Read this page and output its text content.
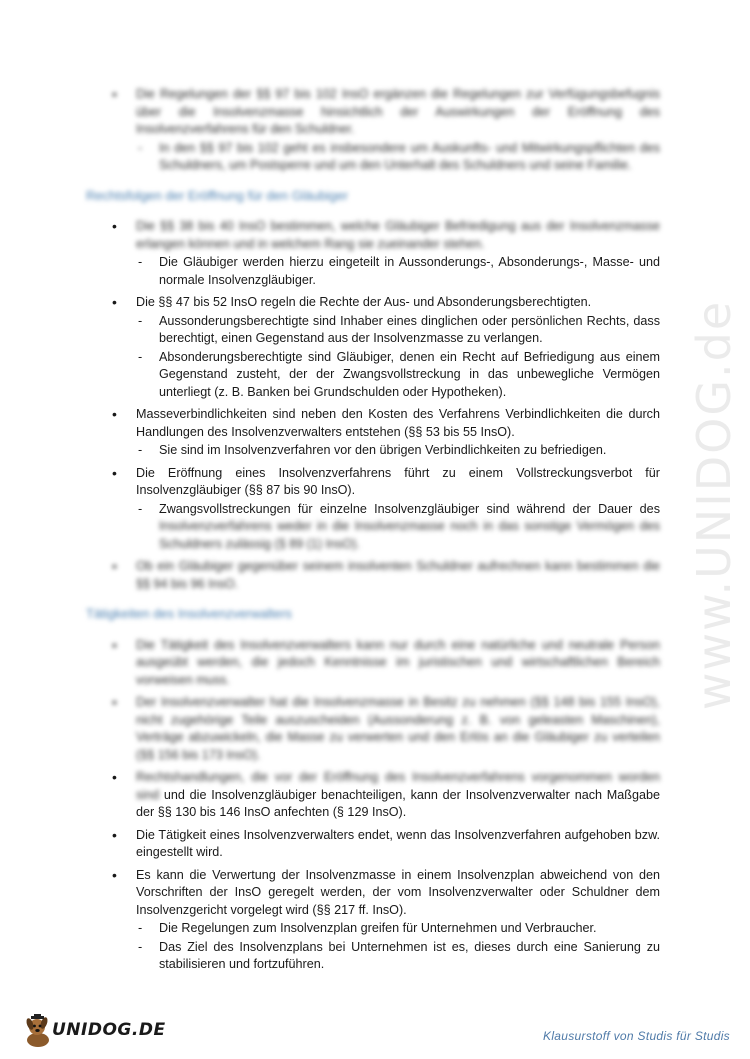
• Die Regelungen der §§ 97 bis 102 InsO ergänzen die Regelungen zur Verfügungsbefugnis über die Insolvenzmasse hinsichtlich der Auswirkungen der Eröffnung des Insolvenzverfahrens für den Schuldner.
- In den §§ 97 bis 102 geht es insbesondere um Auskunfts- und Mitwirkungspflichten des Schuldners, um Postsperre und um den Unterhalt des Schuldners und seine Familie.
Rechtsfolgen der Eröffnung für den Gläubiger
• Die §§ 38 bis 40 InsO bestimmen, welche Gläubiger Befriedigung aus der Insolvenzmasse erlangen können und in welchem Rang sie zueinander stehen.
- Die Gläubiger werden hierzu eingeteilt in Aussonderungs-, Absonderungs-, Masse- und normale Insolvenzgläubiger.
• Die §§ 47 bis 52 InsO regeln die Rechte der Aus- und Absonderungsberechtigten.
- Aussonderungsberechtigte sind Inhaber eines dinglichen oder persönlichen Rechts, dass berechtigt, einen Gegenstand aus der Insolvenzmasse zu verlangen.
- Absonderungsberechtigte sind Gläubiger, denen ein Recht auf Befriedigung aus einem Gegenstand zusteht, der der Zwangsvollstreckung in das unbewegliche Vermögen unterliegt (z. B. Banken bei Grundschulden oder Hypotheken).
• Masseverbindlichkeiten sind neben den Kosten des Verfahrens Verbindlichkeiten die durch Handlungen des Insolvenzverwalters entstehen (§§ 53 bis 55 InsO).
- Sie sind im Insolvenzverfahren vor den übrigen Verbindlichkeiten zu befriedigen.
• Die Eröffnung eines Insolvenzverfahrens führt zu einem Vollstreckungsverbot für Insolvenzgläubiger (§§ 87 bis 90 InsO).
- Zwangsvollstreckungen für einzelne Insolvenzgläubiger sind während der Dauer des Insolvenzverfahrens weder in die Insolvenzmasse noch in das sonstige Vermögen des Schuldners zulässig (§ 89 (1) InsO).
• Ob ein Gläubiger gegenüber seinem insolventen Schuldner aufrechnen kann bestimmen die §§ 94 bis 96 InsO.
Tätigkeiten des Insolvenzverwalters
• Die Tätigkeit des Insolvenzverwalters kann nur durch eine natürliche und neutrale Person ausgeübt werden, die jedoch Kenntnisse im juristischen und wirtschaftlichen Bereich vorweisen muss.
• Der Insolvenzverwalter hat die Insolvenzmasse in Besitz zu nehmen (§§ 148 bis 155 InsO), nicht zugehörige Teile auszuscheiden (Aussonderung z. B. von geleasten Maschinen), Verträge abzuwickeln, die Masse zu verwerten und den Erlös an die Gläubiger zu verteilen (§§ 156 bis 173 InsO).
• Rechtshandlungen, die vor der Eröffnung des Insolvenzverfahrens vorgenommen worden sind und die Insolvenzgläubiger benachteiligen, kann der Insolvenzverwalter nach Maßgabe der §§ 130 bis 146 InsO anfechten (§ 129 InsO).
• Die Tätigkeit eines Insolvenzverwalters endet, wenn das Insolvenzverfahren aufgehoben bzw. eingestellt wird.
• Es kann die Verwertung der Insolvenzmasse in einem Insolvenzplan abweichend von den Vorschriften der InsO geregelt werden, der vom Insolvenzverwalter oder Schuldner dem Insolvenzgericht vorgelegt wird (§§ 217 ff. InsO).
- Die Regelungen zum Insolvenzplan greifen für Unternehmen und Verbraucher.
- Das Ziel des Insolvenzplans bei Unternehmen ist es, dieses durch eine Sanierung zu stabilisieren und fortzuführen.
www.UNIDOG.de
UNIDOG.DE	Klausurstoff von Studis für Studis
